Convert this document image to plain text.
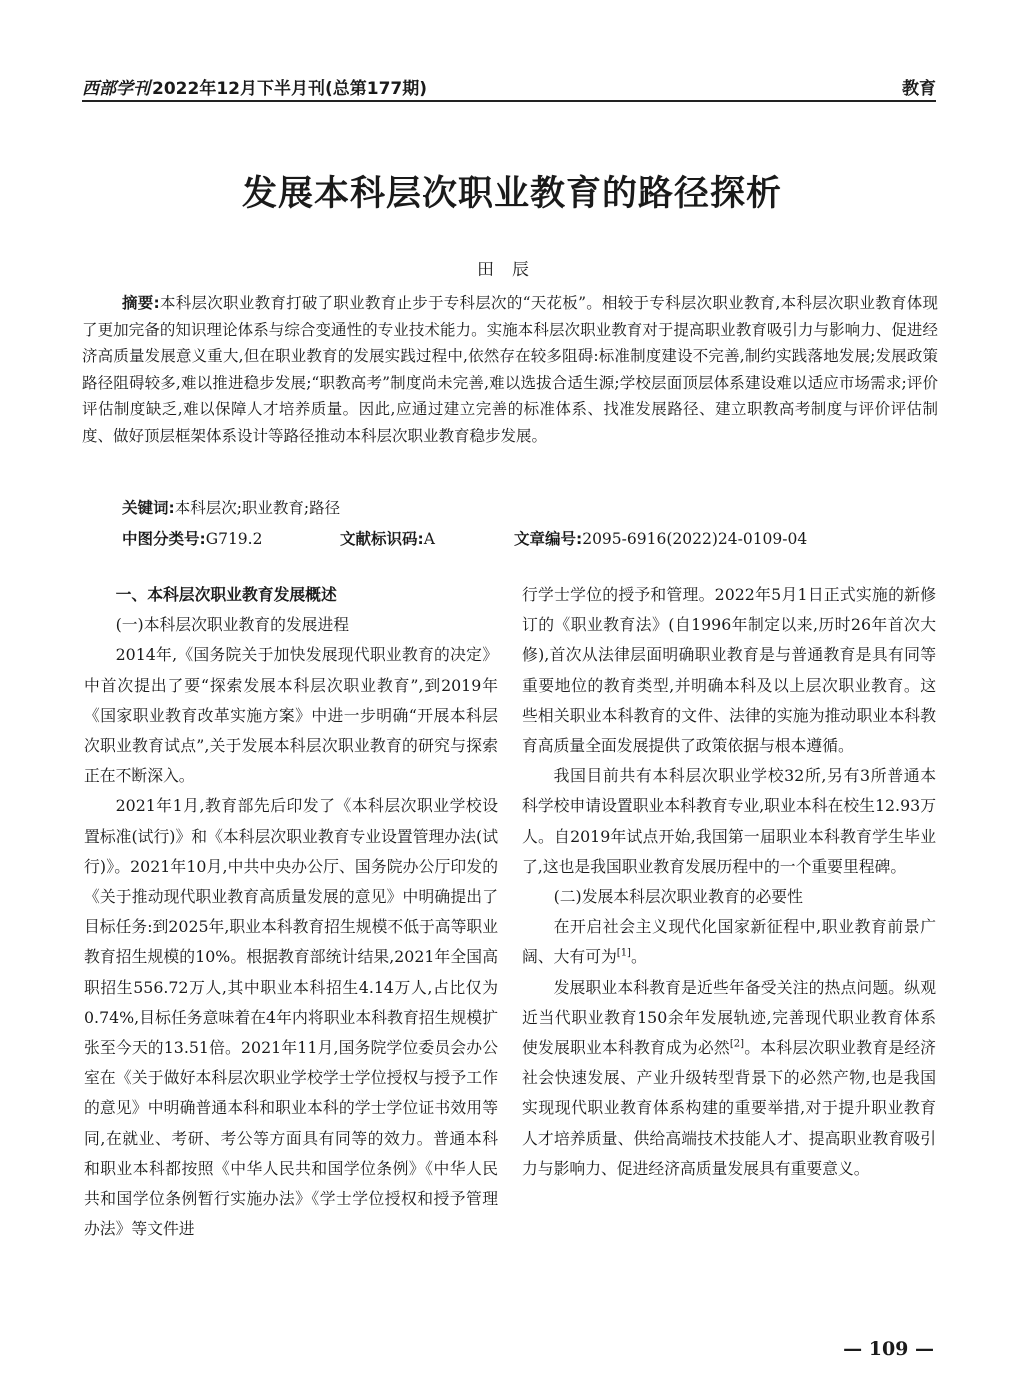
西部学刊 2022年12月下半月刊(总第177期)	教育
发展本科层次职业教育的路径探析
田辰
摘要:本科层次职业教育打破了职业教育止步于专科层次的“天花板”。相较于专科层次职业教育,本科层次职业教育体现了更加完备的知识理论体系与综合变通性的专业技术能力。实施本科层次职业教育对于提高职业教育吸引力与影响力、促进经济高质量发展意义重大,但在职业教育的发展实践过程中,依然存在较多阻碍:标准制度建设不完善,制约实践落地发展;发展政策路径阻碍较多,难以推进稳步发展;“职教高考”制度尚未完善,难以选拔合适生源;学校层面顶层体系建设难以适应市场需求;评价评估制度缺乏,难以保障人才培养质量。因此,应通过建立完善的标准体系、找准发展路径、建立职教高考制度与评价评估制度、做好顶层框架体系设计等路径推动本科层次职业教育稳步发展。
关键词:本科层次;职业教育;路径
中图分类号:G719.2	文献标识码:A	文章编号:2095-6916(2022)24-0109-04
一、本科层次职业教育发展概述
(一)本科层次职业教育的发展进程

2014年,《国务院关于加快发展现代职业教育的决定》中首次提出了要“探索发展本科层次职业教育”,到2019年《国家职业教育改革实施方案》中进一步明确“开展本科层次职业教育试点”,关于发展本科层次职业教育的研究与探索正在不断深入。

2021年1月,教育部先后印发了《本科层次职业学校设置标准(试行)》和《本科层次职业教育专业设置管理办法(试行)》。2021年10月,中共中央办公厅、国务院办公厅印发的《关于推动现代职业教育高质量发展的意见》中明确提出了目标任务:到2025年,职业本科教育招生规模不低于高等职业教育招生规模的10%。根据教育部统计结果,2021年全国高职招生556.72万人,其中职业本科招生4.14万人,占比仅为0.74%,目标任务意味着在4年内将职业本科教育招生规模扩张至今天的13.51倍。2021年11月,国务院学位委员会办公室在《关于做好本科层次职业学校学士学位授权与授予工作的意见》中明确普通本科和职业本科的学士学位证书效用等同,在就业、考研、考公等方面具有同等的效力。普通本科和职业本科都按照《中华人民共和国学位条例》《中华人民共和国学位条例暂行实施办法》《学士学位授权和授予管理办法》等文件进

行学士学位的授予和管理。2022年5月1日正式实施的新修订的《职业教育法》(自1996年制定以来,历时26年首次大修),首次从法律层面明确职业教育是与普通教育是具有同等重要地位的教育类型,并明确本科及以上层次职业教育。这些相关职业本科教育的文件、法律的实施为推动职业本科教育高质量全面发展提供了政策依据与根本遵循。

我国目前共有本科层次职业学校32所,另有3所普通本科学校申请设置职业本科教育专业,职业本科在校生12.93万人。自2019年试点开始,我国第一届职业本科教育学生毕业了,这也是我国职业教育发展历程中的一个重要里程碑。

(二)发展本科层次职业教育的必要性

在开启社会主义现代化国家新征程中,职业教育前景广阔、大有可为[1]。

发展职业本科教育是近些年备受关注的热点问题。纵观近当代职业教育150余年发展轨迹,完善现代职业教育体系使发展职业本科教育成为必然[2]。本科层次职业教育是经济社会快速发展、产业升级转型背景下的必然产物,也是我国实现现代职业教育体系构建的重要举措,对于提升职业教育人才培养质量、供给高端技术技能人才、提高职业教育吸引力与影响力、促进经济高质量发展具有重要意义。

— 109 —
